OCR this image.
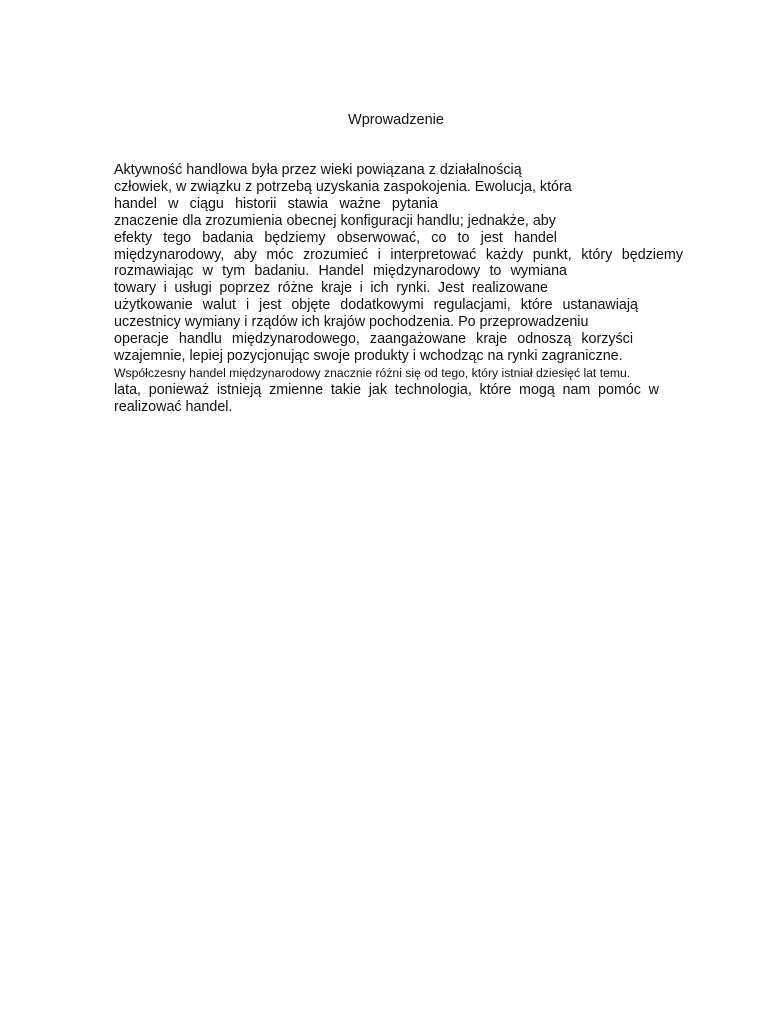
Wprowadzenie
Aktywność handlowa była przez wieki powiązana z działalnością
człowiek, w związku z potrzebą uzyskania zaspokojenia. Ewolucja, która
handel w ciągu historii stawia ważne pytania
znaczenie dla zrozumienia obecnej konfiguracji handlu; jednakże, aby
efekty tego badania będziemy obserwować, co to jest handel
międzynarodowy, aby móc zrozumieć i interpretować każdy punkt, który będziemy
rozmawiając w tym badaniu. Handel międzynarodowy to wymiana
towary i usługi poprzez różne kraje i ich rynki. Jest realizowane
użytkowanie walut i jest objęte dodatkowymi regulacjami, które ustanawiają
uczestnicy wymiany i rządów ich krajów pochodzenia. Po przeprowadzeniu
operacje handlu międzynarodowego, zaangażowane kraje odnoszą korzyści
wzajemnie, lepiej pozycjonując swoje produkty i wchodząc na rynki zagraniczne.
Współczesny handel międzynarodowy znacznie różni się od tego, który istniał dziesięć lat temu.
lata, ponieważ istnieją zmienne takie jak technologia, które mogą nam pomóc w
realizować handel.
